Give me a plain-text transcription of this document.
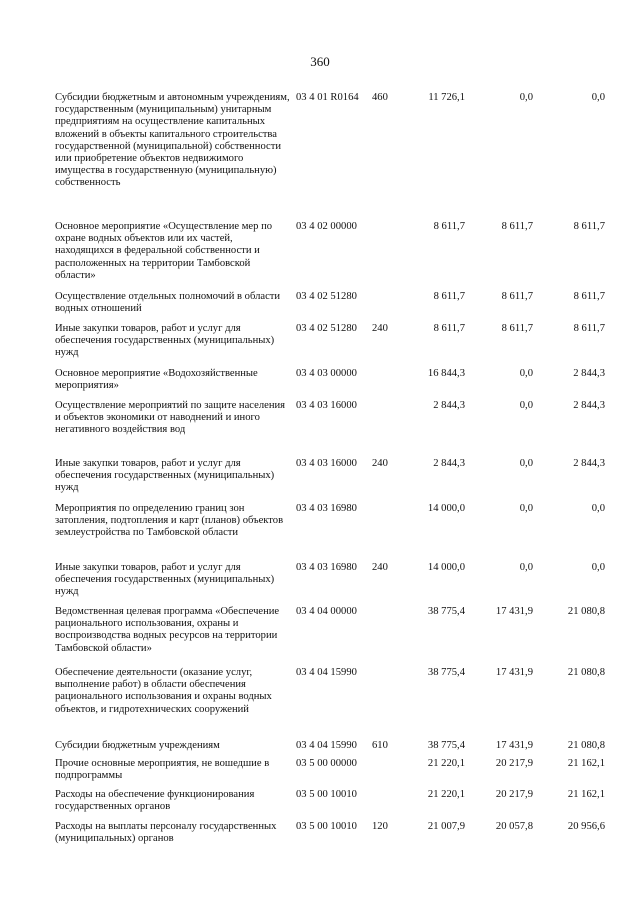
360
Субсидии бюджетным и автономным учреждениям, государственным (муниципальным) унитарным предприятиям на осуществление капитальных вложений в объекты капитального строительства государственной (муниципальной) собственности или приобретение объектов недвижимого имущества в государственную (муниципальную) собственность
03 4 01 R0164	460	11 726,1	0,0	0,0
Основное мероприятие «Осуществление мер по охране водных объектов или их частей, находящихся в федеральной собственности и расположенных на территории Тамбовской области»
03 4 02 00000	8 611,7	8 611,7	8 611,7
Осуществление отдельных полномочий в области водных отношений
03 4 02 51280	8 611,7	8 611,7	8 611,7
Иные закупки товаров, работ и услуг для обеспечения государственных (муниципальных) нужд
03 4 02 51280	240	8 611,7	8 611,7	8 611,7
Основное мероприятие «Водохозяйственные мероприятия»
03 4 03 00000	16 844,3	0,0	2 844,3
Осуществление мероприятий по защите населения и объектов экономики от наводнений и иного негативного воздействия вод
03 4 03 16000	2 844,3	0,0	2 844,3
Иные закупки товаров, работ и услуг для обеспечения государственных (муниципальных) нужд
03 4 03 16000	240	2 844,3	0,0	2 844,3
Мероприятия по определению границ зон затопления, подтопления и карт (планов) объектов землеустройства по Тамбовской области
03 4 03 16980	14 000,0	0,0	0,0
Иные закупки товаров, работ и услуг для обеспечения государственных (муниципальных) нужд
03 4 03 16980	240	14 000,0	0,0	0,0
Ведомственная целевая программа «Обеспечение рационального использования, охраны и воспроизводства водных ресурсов на территории Тамбовской области»
03 4 04 00000	38 775,4	17 431,9	21 080,8
Обеспечение деятельности (оказание услуг, выполнение работ) в области обеспечения рационального использования и охраны водных объектов, и гидротехнических сооружений
03 4 04 15990	38 775,4	17 431,9	21 080,8
Субсидии бюджетным учреждениям	03 4 04 15990	610	38 775,4	17 431,9	21 080,8
Прочие основные мероприятия, не вошедшие в подпрограммы
03 5 00 00000	21 220,1	20 217,9	21 162,1
Расходы на обеспечение функционирования государственных органов
03 5 00 10010	21 220,1	20 217,9	21 162,1
Расходы на выплаты персоналу государственных (муниципальных) органов
03 5 00 10010	120	21 007,9	20 057,8	20 956,6
